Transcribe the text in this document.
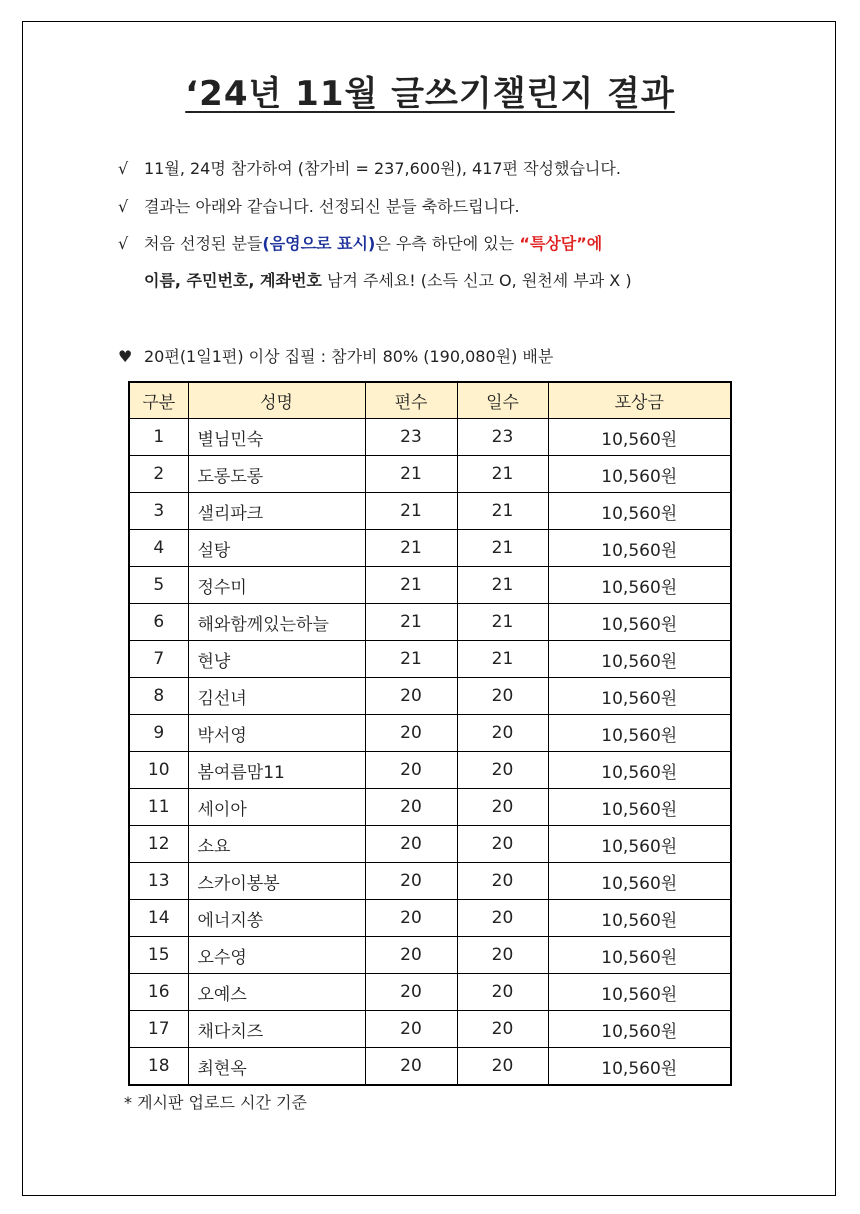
‘24년 11월 글쓰기챌린지 결과
√ 11월, 24명 참가하여 (참가비 = 237,600원), 417편 작성했습니다.
√ 결과는 아래와 같습니다. 선정되신 분들 축하드립니다.
√ 처음 선정된 분들(음영으로 표시)은 우측 하단에 있는 “특상담”에
이름, 주민번호, 계좌번호 남겨 주세요! (소득 신고 O, 원천세 부과 X )
♥ 20편(1일1편) 이상 집필 : 참가비 80% (190,080원) 배분
구분	성명	편수	일수	포상금
1	별님민숙	23	23	10,560원
2	도롱도롱	21	21	10,560원
3	샐리파크	21	21	10,560원
4	설탕	21	21	10,560원
5	정수미	21	21	10,560원
6	해와함께있는하늘	21	21	10,560원
7	현냥	21	21	10,560원
8	김선녀	20	20	10,560원
9	박서영	20	20	10,560원
10	봄여름맘11	20	20	10,560원
11	세이아	20	20	10,560원
12	소요	20	20	10,560원
13	스카이봉봉	20	20	10,560원
14	에너지쏭	20	20	10,560원
15	오수영	20	20	10,560원
16	오예스	20	20	10,560원
17	채다치즈	20	20	10,560원
18	최현옥	20	20	10,560원
* 게시판 업로드 시간 기준
